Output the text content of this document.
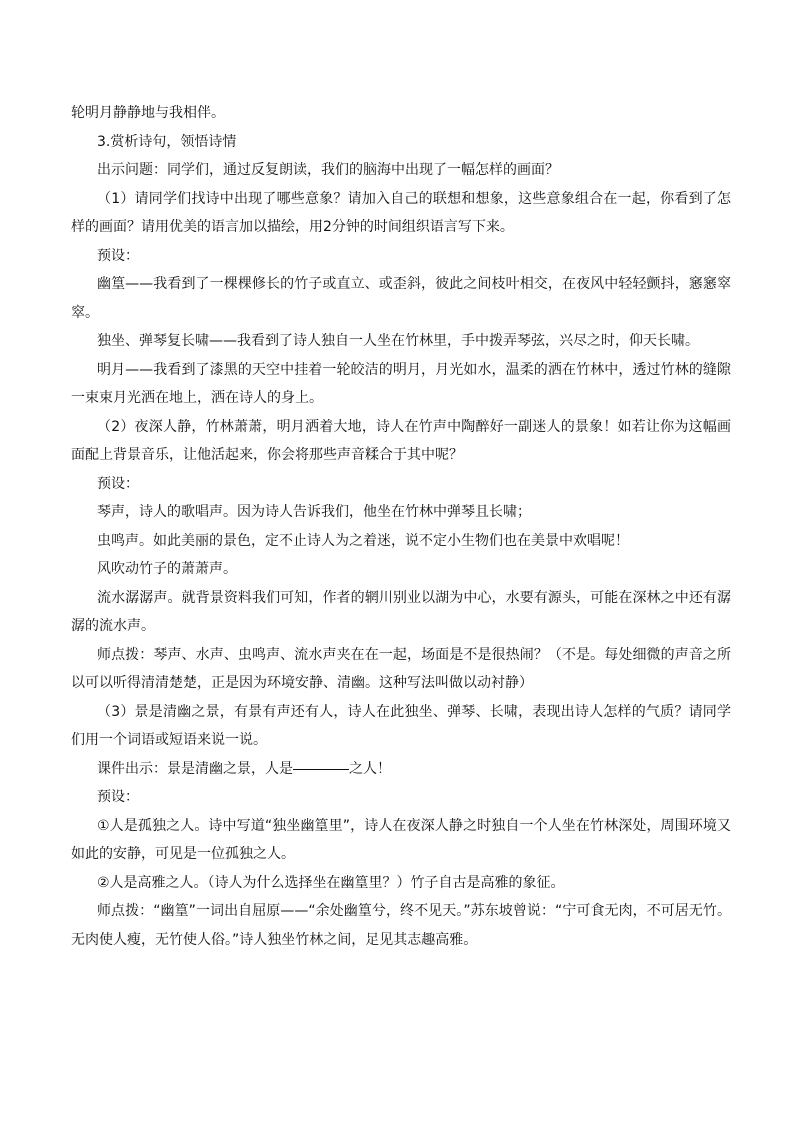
轮明月静静地与我相伴。

3.赏析诗句，领悟诗情

出示问题：同学们，通过反复朗读，我们的脑海中出现了一幅怎样的画面？

（1）请同学们找诗中出现了哪些意象？请加入自己的联想和想象，这些意象组合在一起，你看到了怎样的画面？请用优美的语言加以描绘，用2分钟的时间组织语言写下来。

预设：

幽篁——我看到了一棵棵修长的竹子或直立、或歪斜，彼此之间枝叶相交，在夜风中轻轻颤抖，窸窸窣窣。

独坐、弹琴复长啸——我看到了诗人独自一人坐在竹林里，手中拨弄琴弦，兴尽之时，仰天长啸。

明月——我看到了漆黑的天空中挂着一轮皎洁的明月，月光如水，温柔的洒在竹林中，透过竹林的缝隙一束束月光洒在地上，洒在诗人的身上。

（2）夜深人静，竹林萧萧，明月洒着大地，诗人在竹声中陶醉好一副迷人的景象！如若让你为这幅画面配上背景音乐，让他活起来，你会将那些声音糅合于其中呢？

预设：

琴声，诗人的歌唱声。因为诗人告诉我们，他坐在竹林中弹琴且长啸；

虫鸣声。如此美丽的景色，定不止诗人为之着迷，说不定小生物们也在美景中欢唱呢！

风吹动竹子的萧萧声。

流水潺潺声。就背景资料我们可知，作者的辋川别业以湖为中心，水要有源头，可能在深林之中还有潺潺的流水声。

师点拨：琴声、水声、虫鸣声、流水声夹在在一起，场面是不是很热闹？（不是。每处细微的声音之所以可以听得清清楚楚，正是因为环境安静、清幽。这种写法叫做以动衬静）

（3）景是清幽之景，有景有声还有人，诗人在此独坐、弹琴、长啸，表现出诗人怎样的气质？请同学们用一个词语或短语来说一说。

课件出示：景是清幽之景，人是	之人！

预设：

①人是孤独之人。诗中写道“独坐幽篁里”，诗人在夜深人静之时独自一个人坐在竹林深处，周围环境又如此的安静，可见是一位孤独之人。

②人是高雅之人。（诗人为什么选择坐在幽篁里？）竹子自古是高雅的象征。

师点拨：“幽篁”一词出自屈原——“余处幽篁兮，终不见天。”苏东坡曾说：“宁可食无肉，不可居无竹。无肉使人瘦，无竹使人俗。”诗人独坐竹林之间，足见其志趣高雅。
